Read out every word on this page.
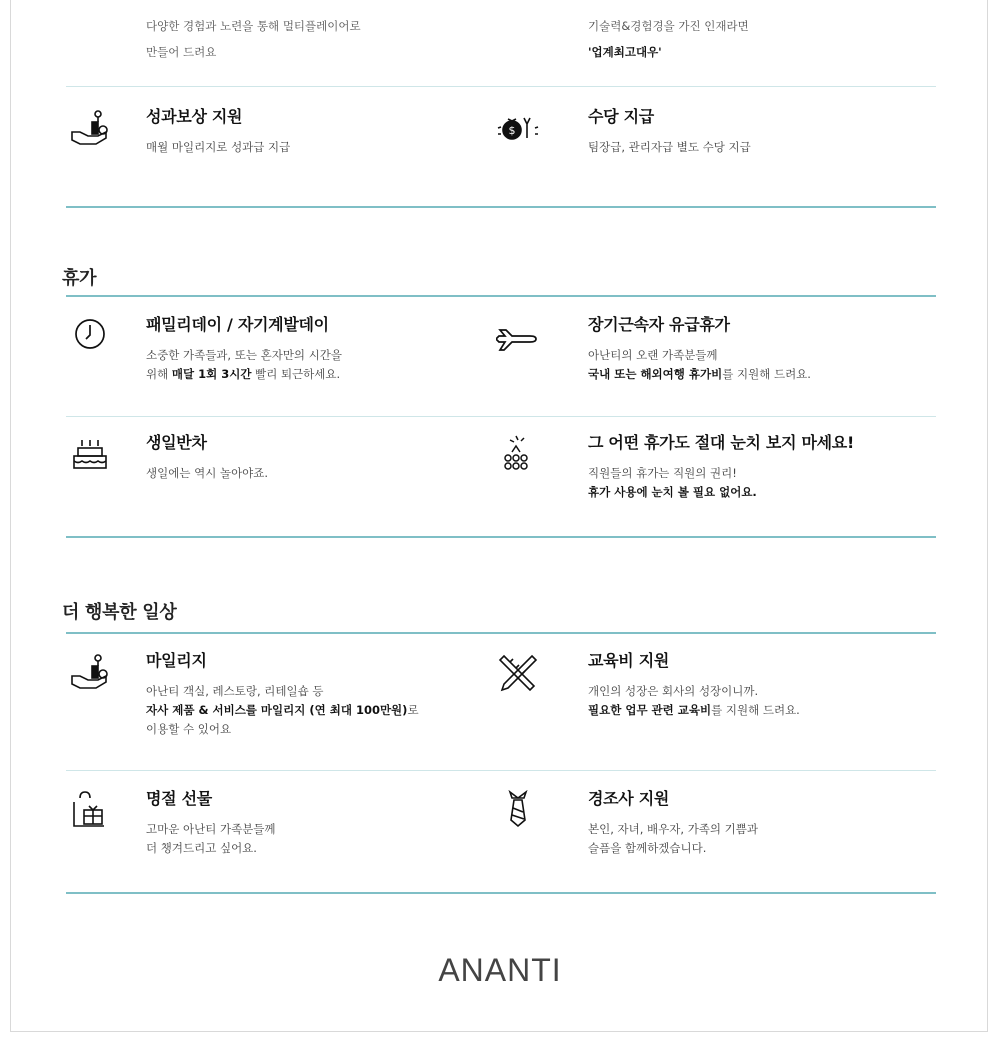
다양한 경험과 노련을 통해 멀티플레이어로
만들어 드려요
기술력&경험경을 가진 인재라면
'업계최고대우'
성과보상 지원
매월 마일리지로 성과급 지급
$
수당 지급
팀장급, 관리자급 별도 수당 지급
휴가
패밀리데이 / 자기계발데이
소중한 가족들과, 또는 혼자만의 시간을
위해 매달 1회 3시간 빨리 퇴근하세요.
장기근속자 유급휴가
아난티의 오랜 가족분들께
국내 또는 해외여행 휴가비를 지원해 드려요.
생일반차
생일에는 역시 놀아야죠.
그 어떤 휴가도 절대 눈치 보지 마세요!
직원들의 휴가는 직원의 권리!
휴가 사용에 눈치 볼 필요 없어요.
더 행복한 일상
마일리지
아난티 객실, 레스토랑, 리테일숍 등
자사 제품 & 서비스를 마일리지 (연 최대 100만원)로
이용할 수 있어요
교육비 지원
개인의 성장은 회사의 성장이니까.
필요한 업무 관련 교육비를 지원해 드려요.
명절 선물
고마운 아난티 가족분들께
더 챙겨드리고 싶어요.
경조사 지원
본인, 자녀, 배우자, 가족의 기쁨과
슬픔을 함께하겠습니다.
ANANTI
